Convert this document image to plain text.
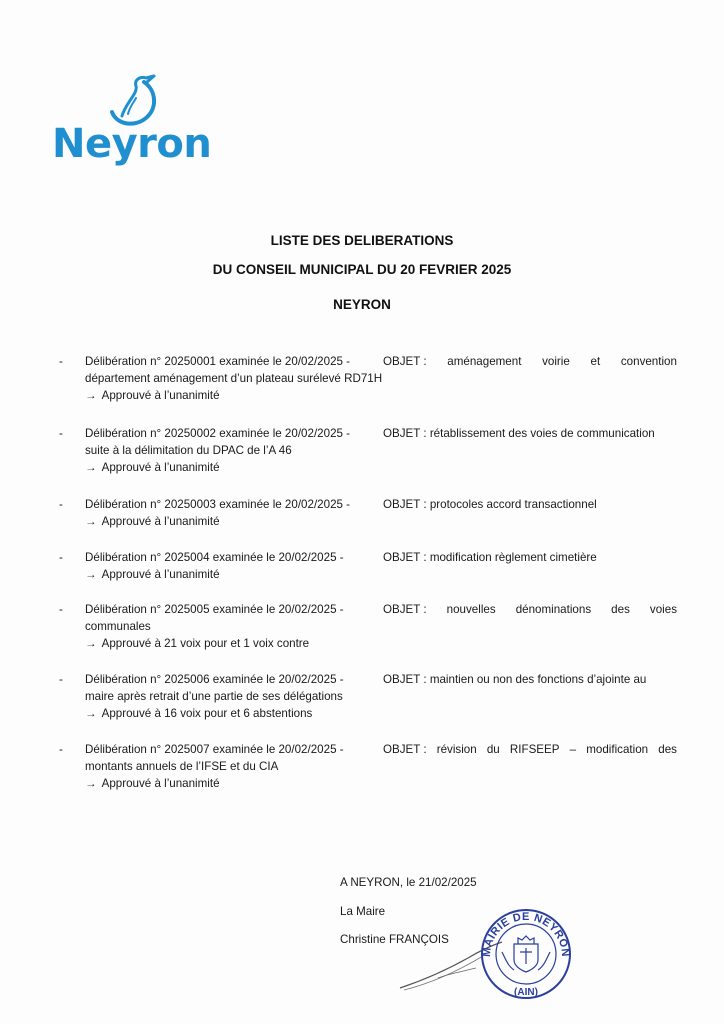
Neyron
LISTE DES DELIBERATIONS
DU CONSEIL MUNICIPAL DU 20 FEVRIER 2025
NEYRON
- Délibération n° 20250001 examinée le 20/02/2025 -	OBJET : aménagement voirie et convention
département aménagement d’un plateau surélevé RD71H
→ Approuvé à l’unanimité
- Délibération n° 20250002 examinée le 20/02/2025 -	OBJET : rétablissement des voies de communication
suite à la délimitation du DPAC de l’A 46
→ Approuvé à l’unanimité
- Délibération n° 20250003 examinée le 20/02/2025 -	OBJET : protocoles accord transactionnel
→ Approuvé à l’unanimité
- Délibération n° 2025004 examinée le 20/02/2025 -	OBJET : modification règlement cimetière
→ Approuvé à l’unanimité
- Délibération n° 2025005 examinée le 20/02/2025 -	OBJET : nouvelles dénominations des voies
communales
→ Approuvé à 21 voix pour et 1 voix contre
- Délibération n° 2025006 examinée le 20/02/2025 -	OBJET : maintien ou non des fonctions d’ajointe au
maire après retrait d’une partie de ses délégations
→ Approuvé à 16 voix pour et 6 abstentions
- Délibération n° 2025007 examinée le 20/02/2025 -	OBJET : révision du RIFSEEP – modification des
montants annuels de l’IFSE et du CIA
→ Approuvé à l’unanimité
A NEYRON, le 21/02/2025
La Maire
Christine FRANÇOIS
MAIRIE DE NEYRON
(AIN)
